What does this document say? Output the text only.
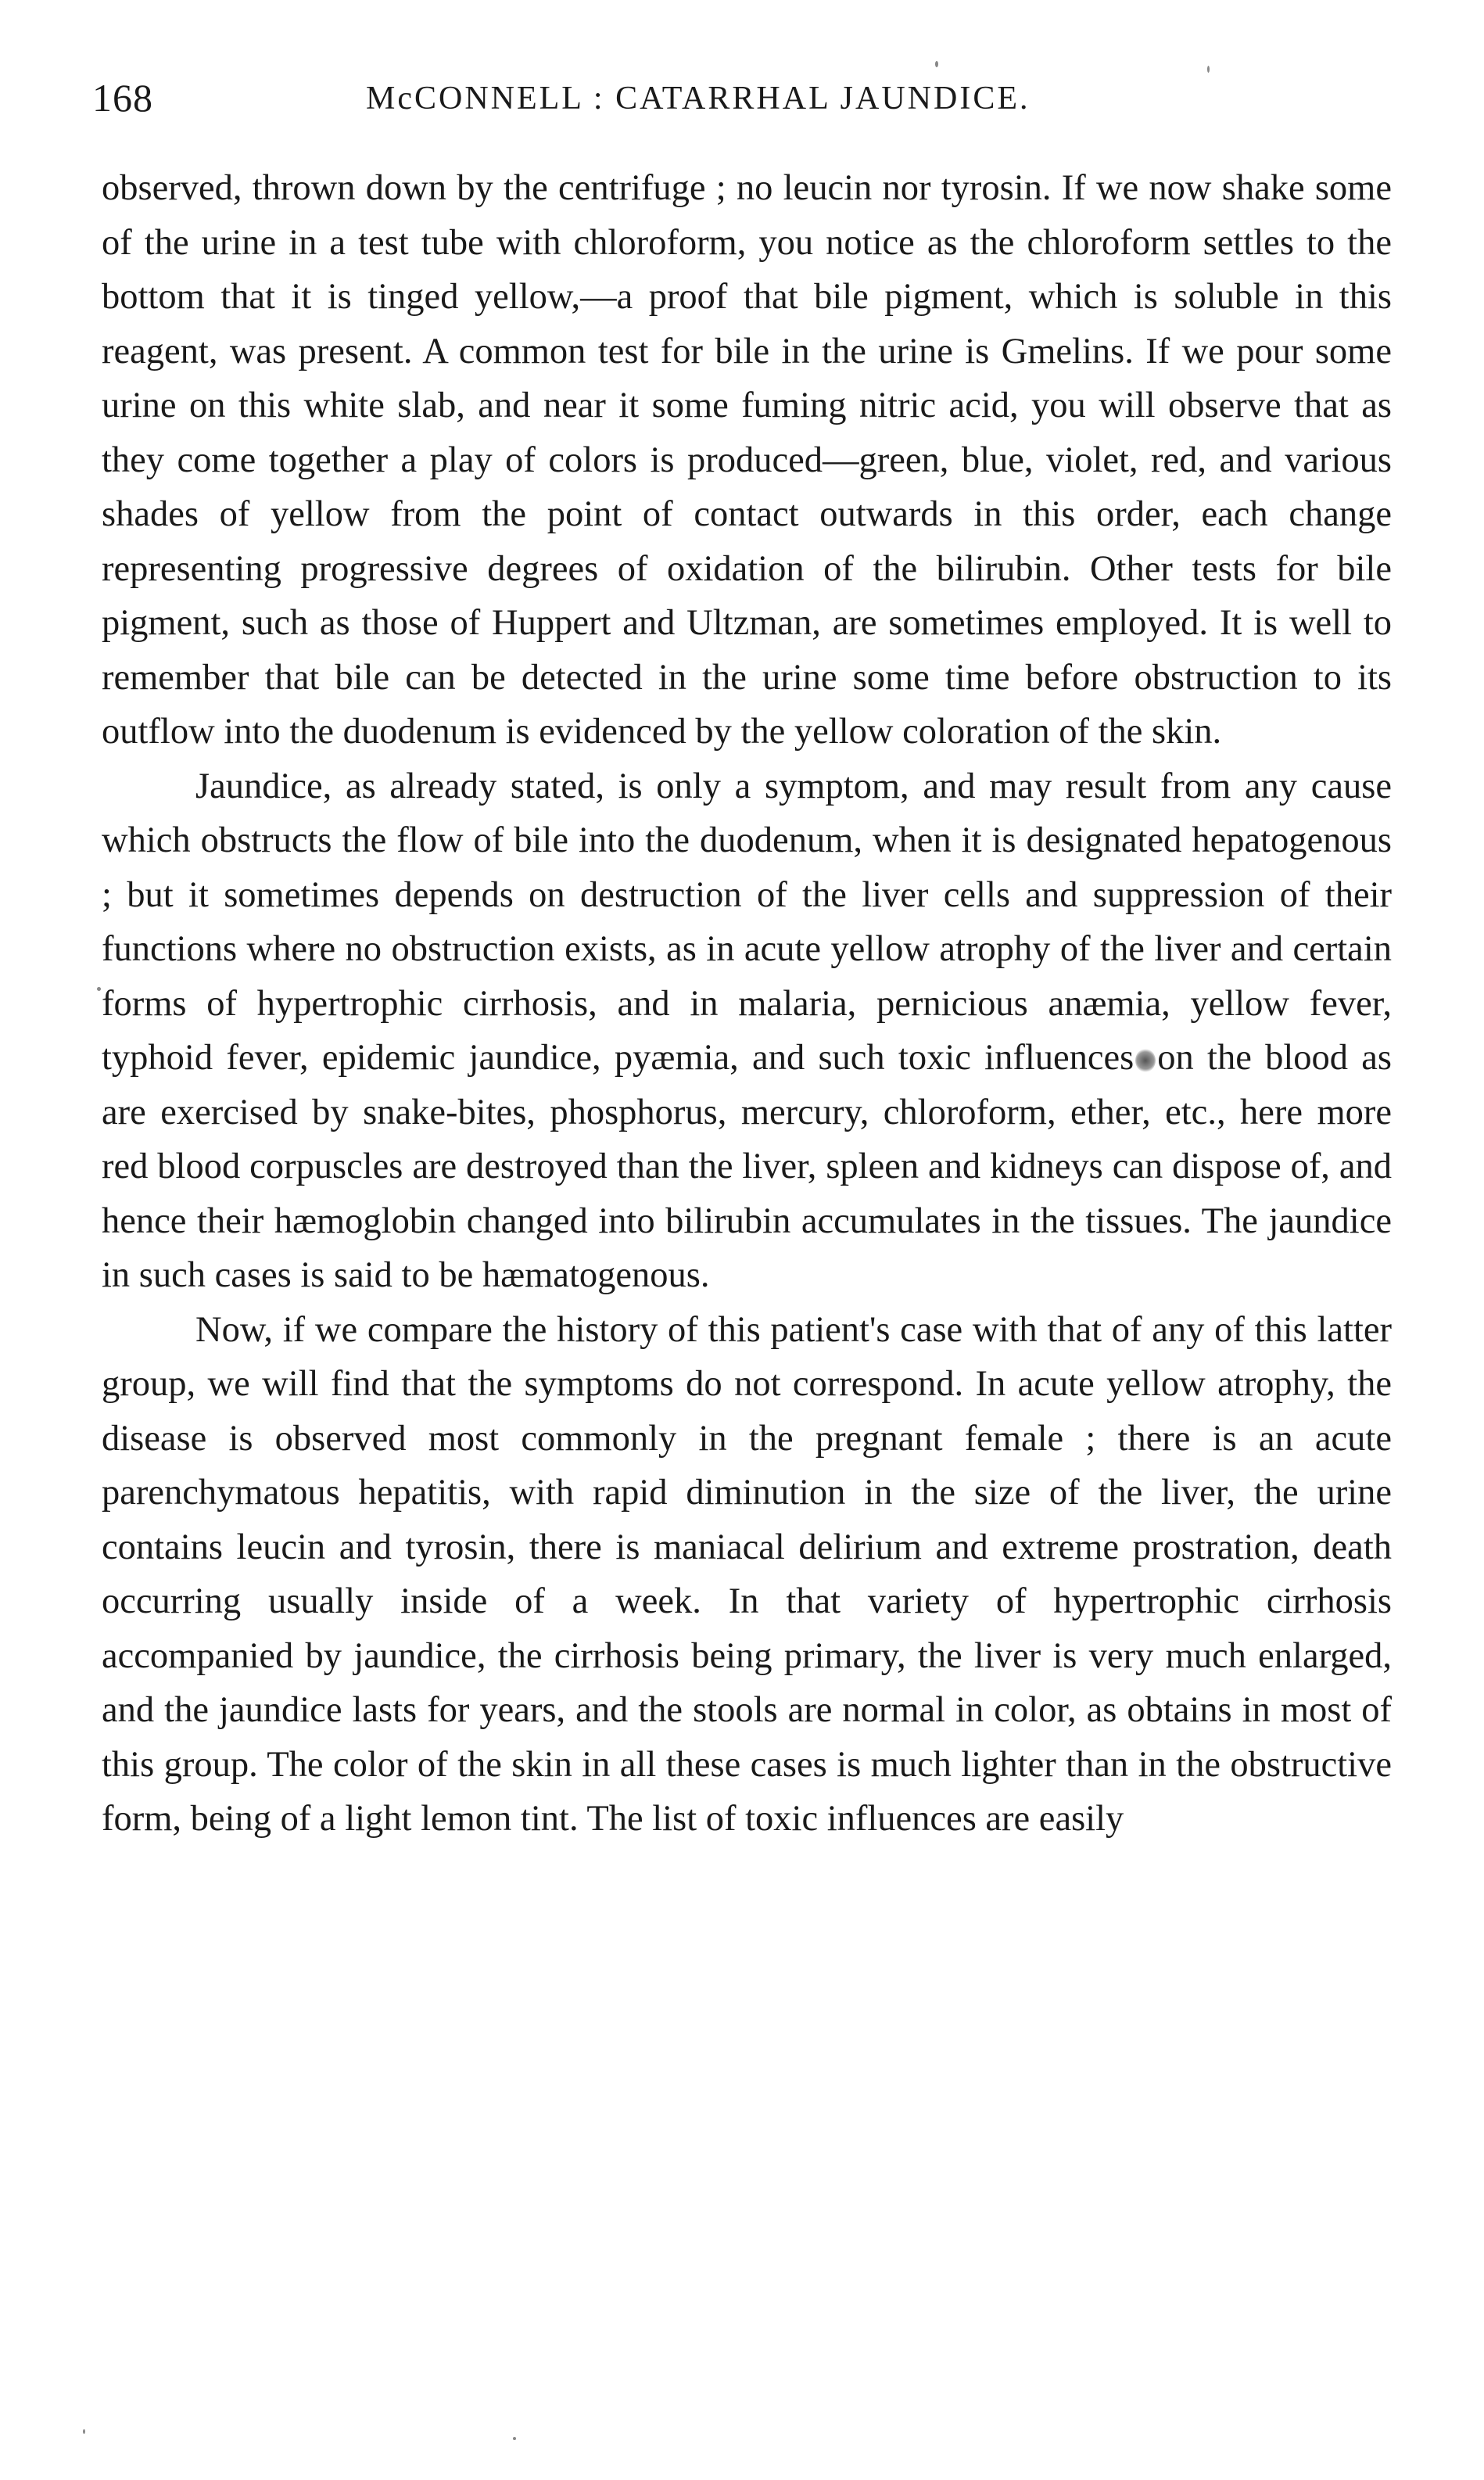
168	McCONNELL : CATARRHAL JAUNDICE.

observed, thrown down by the centrifuge ; no leucin nor tyrosin. If we now shake some of the urine in a test tube with chloroform, you notice as the chloroform settles to the bottom that it is tinged yellow,—a proof that bile pigment, which is soluble in this reagent, was present. A common test for bile in the urine is Gmelins. If we pour some urine on this white slab, and near it some fuming nitric acid, you will observe that as they come together a play of colors is produced—green, blue, violet, red, and various shades of yellow from the point of contact outwards in this order, each change representing progressive degrees of oxidation of the bilirubin. Other tests for bile pigment, such as those of Huppert and Ultzman, are sometimes employed. It is well to remember that bile can be detected in the urine some time before obstruction to its outflow into the duodenum is evidenced by the yellow coloration of the skin.

Jaundice, as already stated, is only a symptom, and may result from any cause which obstructs the flow of bile into the duodenum, when it is designated hepatogenous ; but it sometimes depends on destruction of the liver cells and suppression of their functions where no obstruction exists, as in acute yellow atrophy of the liver and certain forms of hypertrophic cirrhosis, and in malaria, pernicious anæmia, yellow fever, typhoid fever, epidemic jaundice, pyæmia, and such toxic influences on the blood as are exercised by snake-bites, phosphorus, mercury, chloroform, ether, etc., here more red blood corpuscles are destroyed than the liver, spleen and kidneys can dispose of, and hence their hæmoglobin changed into bilirubin accumulates in the tissues. The jaundice in such cases is said to be hæmatogenous.

Now, if we compare the history of this patient's case with that of any of this latter group, we will find that the symptoms do not correspond. In acute yellow atrophy, the disease is observed most commonly in the pregnant female ; there is an acute parenchymatous hepatitis, with rapid diminution in the size of the liver, the urine contains leucin and tyrosin, there is maniacal delirium and extreme prostration, death occurring usually inside of a week. In that variety of hypertrophic cirrhosis accompanied by jaundice, the cirrhosis being primary, the liver is very much enlarged, and the jaundice lasts for years, and the stools are normal in color, as obtains in most of this group. The color of the skin in all these cases is much lighter than in the obstructive form, being of a light lemon tint. The list of toxic influences are easily
